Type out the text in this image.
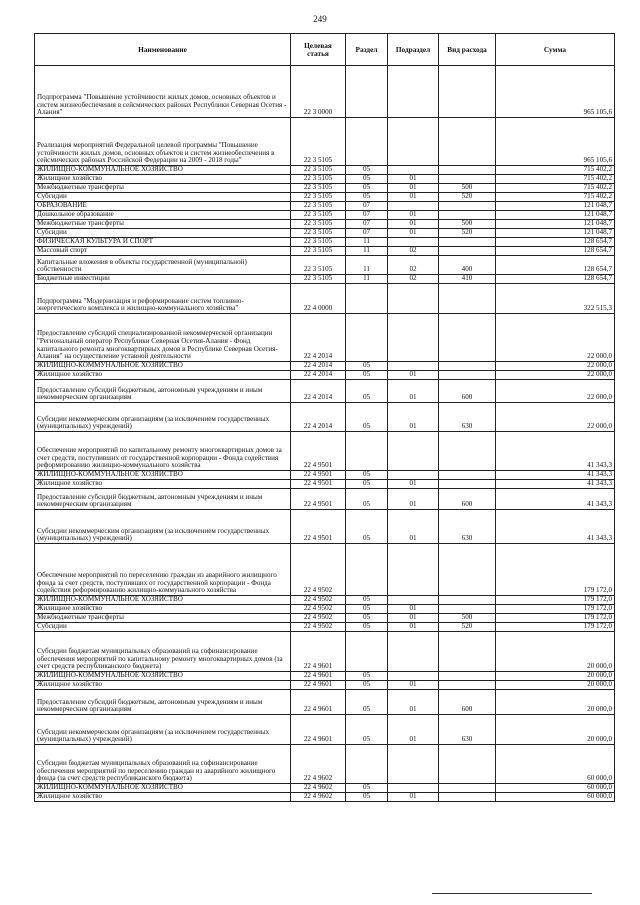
249
Наименование	Целевая статья	Раздел	Подраздел	Вид расхода	Сумма
Подпрограмма "Повышение устойчивости жилых домов, основных объектов и систем жизнеобеспечения в сейсмических районах Республики Северная Осетия - Алания"	22 3 0000				965 105,6
Реализация мероприятий Федеральной целевой программы "Повышение устойчивости жилых домов, основных объектов и систем жизнеобеспечения в сейсмических районах Российской Федерации на 2009 - 2018 годы"	22 3 5105				965 105,6
ЖИЛИЩНО-КОММУНАЛЬНОЕ ХОЗЯЙСТВО	22 3 5105	05			715 402,2
Жилищное хозяйство	22 3 5105	05	01		715 402,2
Межбюджетные трансферты	22 3 5105	05	01	500	715 402,2
Субсидии	22 3 5105	05	01	520	715 402,2
ОБРАЗОВАНИЕ	22 3 5105	07			121 048,7
Дошкольное образование	22 3 5105	07	01		121 048,7
Межбюджетные трансферты	22 3 5105	07	01	500	121 048,7
Субсидии	22 3 5105	07	01	520	121 048,7
ФИЗИЧЕСКАЯ КУЛЬТУРА И СПОРТ	22 3 5105	11			128 654,7
Массовый спорт	22 3 5105	11	02		128 654,7
Капитальные вложения в объекты государственной (муниципальной) собственности	22 3 5105	11	02	400	128 654,7
Бюджетные инвестиции	22 3 5105	11	02	410	128 654,7
Подпрограмма "Модернизация и реформирование систем топливно-энергетического комплекса и жилищно-коммунального хозяйства"	22 4 0000				322 515,3
Предоставление субсидий специализированной некоммерческой организации "Региональный оператор Республики Северная Осетия-Алания - Фонд капитального ремонта многоквартирных домов в Республике Северная Осетия-Алания" на осуществление уставной деятельности	22 4 2014				22 000,0
ЖИЛИЩНО-КОММУНАЛЬНОЕ ХОЗЯЙСТВО	22 4 2014	05			22 000,0
Жилищное хозяйство	22 4 2014	05	01		22 000,0
Предоставление субсидий бюджетным, автономным учреждениям и иным некоммерческим организациям	22 4 2014	05	01	600	22 000,0
Субсидии некоммерческим организациям (за исключением государственных (муниципальных) учреждений)	22 4 2014	05	01	630	22 000,0
Обеспечение мероприятий по капитальному ремонту многоквартирных домов за счет средств, поступивших от государственной корпорации - Фонда содействия реформированию жилищно-коммунального хозяйства	22 4 9501				41 343,3
ЖИЛИЩНО-КОММУНАЛЬНОЕ ХОЗЯЙСТВО	22 4 9501	05			41 343,3
Жилищное хозяйство	22 4 9501	05	01		41 343,3
Предоставление субсидий бюджетным, автономным учреждениям и иным некоммерческим организациям	22 4 9501	05	01	600	41 343,3
Субсидии некоммерческим организациям (за исключением государственных (муниципальных) учреждений)	22 4 9501	05	01	630	41 343,3
Обеспечение мероприятий по переселению граждан из аварийного жилищного фонда за счет средств, поступивших от государственной корпорации - Фонда содействия реформированию жилищно-коммунального хозяйства	22 4 9502				179 172,0
ЖИЛИЩНО-КОММУНАЛЬНОЕ ХОЗЯЙСТВО	22 4 9502	05			179 172,0
Жилищное хозяйство	22 4 9502	05	01		179 172,0
Межбюджетные трансферты	22 4 9502	05	01	500	179 172,0
Субсидии	22 4 9502	05	01	520	179 172,0
Субсидии бюджетам муниципальных образований на софинансирование обеспечения мероприятий по капитальному ремонту многоквартирных домов (за счет средств республиканского бюджета)	22 4 9601				20 000,0
ЖИЛИЩНО-КОММУНАЛЬНОЕ ХОЗЯЙСТВО	22 4 9601	05			20 000,0
Жилищное хозяйство	22 4 9601	05	01		20 000,0
Предоставление субсидий бюджетным, автономным учреждениям и иным некоммерческим организациям	22 4 9601	05	01	600	20 000,0
Субсидии некоммерческим организациям (за исключением государственных (муниципальных) учреждений)	22 4 9601	05	01	630	20 000,0
Субсидии бюджетам муниципальных образований на софинансирование обеспечения мероприятий по переселению граждан из аварийного жилищного фонда (за счет средств республиканского бюджета)	22 4 9602				60 000,0
ЖИЛИЩНО-КОММУНАЛЬНОЕ ХОЗЯЙСТВО	22 4 9602	05			60 000,0
Жилищное хозяйство	22 4 9602	05	01		60 000,0
